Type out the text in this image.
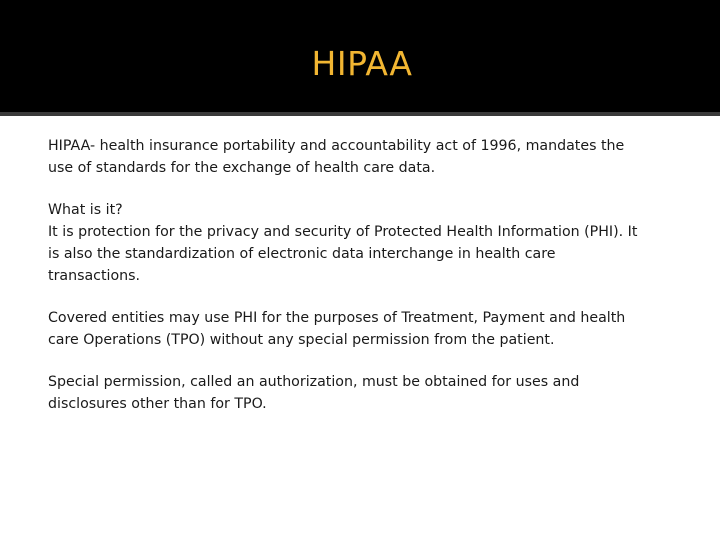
HIPAA

HIPAA- health insurance portability and accountability act of 1996, mandates the
use of standards for the exchange of health care data.

What is it?
It is protection for the privacy and security of Protected Health Information (PHI). It
is also the standardization of electronic data interchange in health care
transactions.

Covered entities may use PHI for the purposes of Treatment, Payment and health
care Operations (TPO) without any special permission from the patient.

Special permission, called an authorization, must be obtained for uses and
disclosures other than for TPO.
